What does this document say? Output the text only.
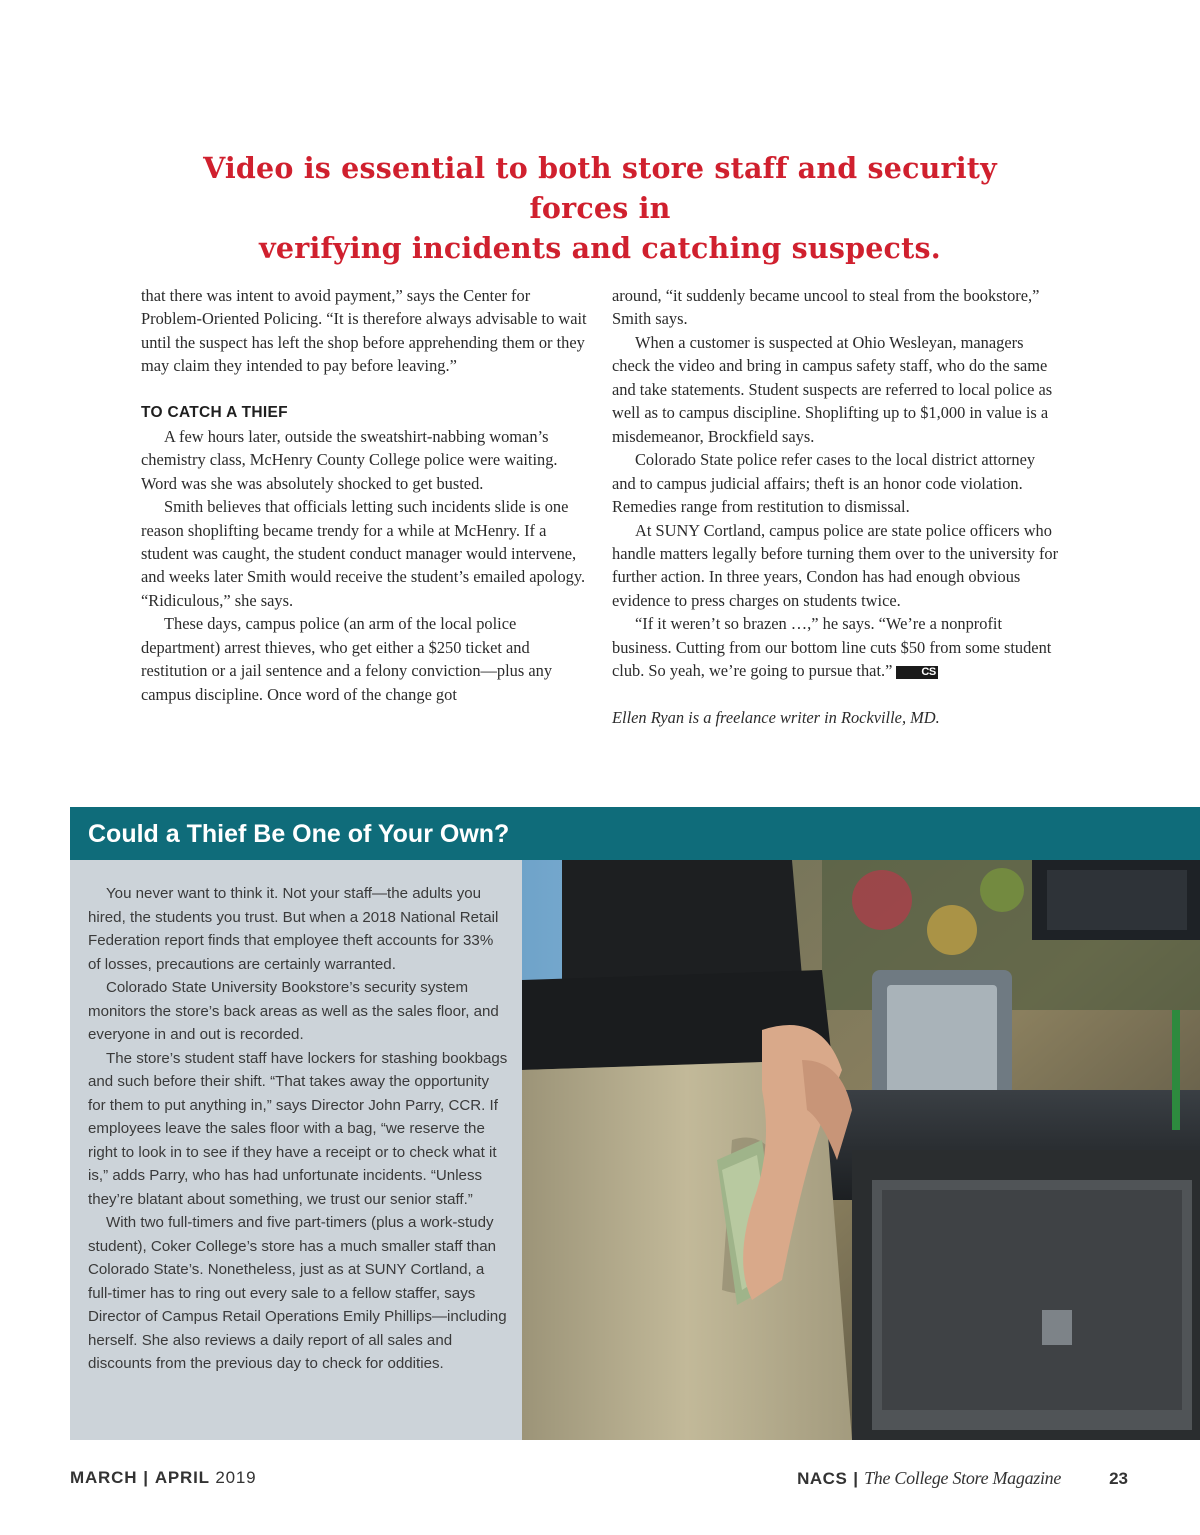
Video is essential to both store staff and security forces in
verifying incidents and catching suspects.

that there was intent to avoid payment,” says the Center for Problem-Oriented Policing. “It is therefore always advisable to wait until the suspect has left the shop before apprehending them or they may claim they intended to pay before leaving.”

TO CATCH A THIEF

A few hours later, outside the sweatshirt-nabbing woman’s chemistry class, McHenry County College police were waiting. Word was she was absolutely shocked to get busted.

Smith believes that officials letting such incidents slide is one reason shoplifting became trendy for a while at McHenry. If a student was caught, the student conduct manager would intervene, and weeks later Smith would receive the student’s emailed apology. “Ridiculous,” she says.

These days, campus police (an arm of the local police department) arrest thieves, who get either a $250 ticket and restitution or a jail sentence and a felony conviction—plus any campus discipline. Once word of the change got

around, “it suddenly became uncool to steal from the bookstore,” Smith says.

When a customer is suspected at Ohio Wesleyan, managers check the video and bring in campus safety staff, who do the same and take statements. Student suspects are referred to local police as well as to campus discipline. Shoplifting up to $1,000 in value is a misdemeanor, Brockfield says.

Colorado State police refer cases to the local district attorney and to campus judicial affairs; theft is an honor code violation. Remedies range from restitution to dismissal.

At SUNY Cortland, campus police are state police officers who handle matters legally before turning them over to the university for further action. In three years, Condon has had enough obvious evidence to press charges on students twice.

“If it weren’t so brazen …,” he says. “We’re a nonprofit business. Cutting from our bottom line cuts $50 from some student club. So yeah, we’re going to pursue that.”	CS

Ellen Ryan is a freelance writer in Rockville, MD.

Could a Thief Be One of Your Own?

You never want to think it. Not your staff—the adults you hired, the students you trust. But when a 2018 National Retail Federation report finds that employee theft accounts for 33% of losses, precautions are certainly warranted.

Colorado State University Bookstore’s security system monitors the store’s back areas as well as the sales floor, and everyone in and out is recorded.

The store’s student staff have lockers for stashing bookbags and such before their shift. “That takes away the opportunity for them to put anything in,” says Director John Parry, CCR. If employees leave the sales floor with a bag, “we reserve the right to look in to see if they have a receipt or to check what it is,” adds Parry, who has had unfortunate incidents. “Unless they’re blatant about something, we trust our senior staff.”

With two full-timers and five part-timers (plus a work-study student), Coker College’s store has a much smaller staff than Colorado State’s. Nonetheless, just as at SUNY Cortland, a full-timer has to ring out every sale to a fellow staffer, says Director of Campus Retail Operations Emily Phillips—including herself. She also reviews a daily report of all sales and discounts from the previous day to check for oddities.

MARCH | APRIL 2019	NACS | The College Store Magazine	23
